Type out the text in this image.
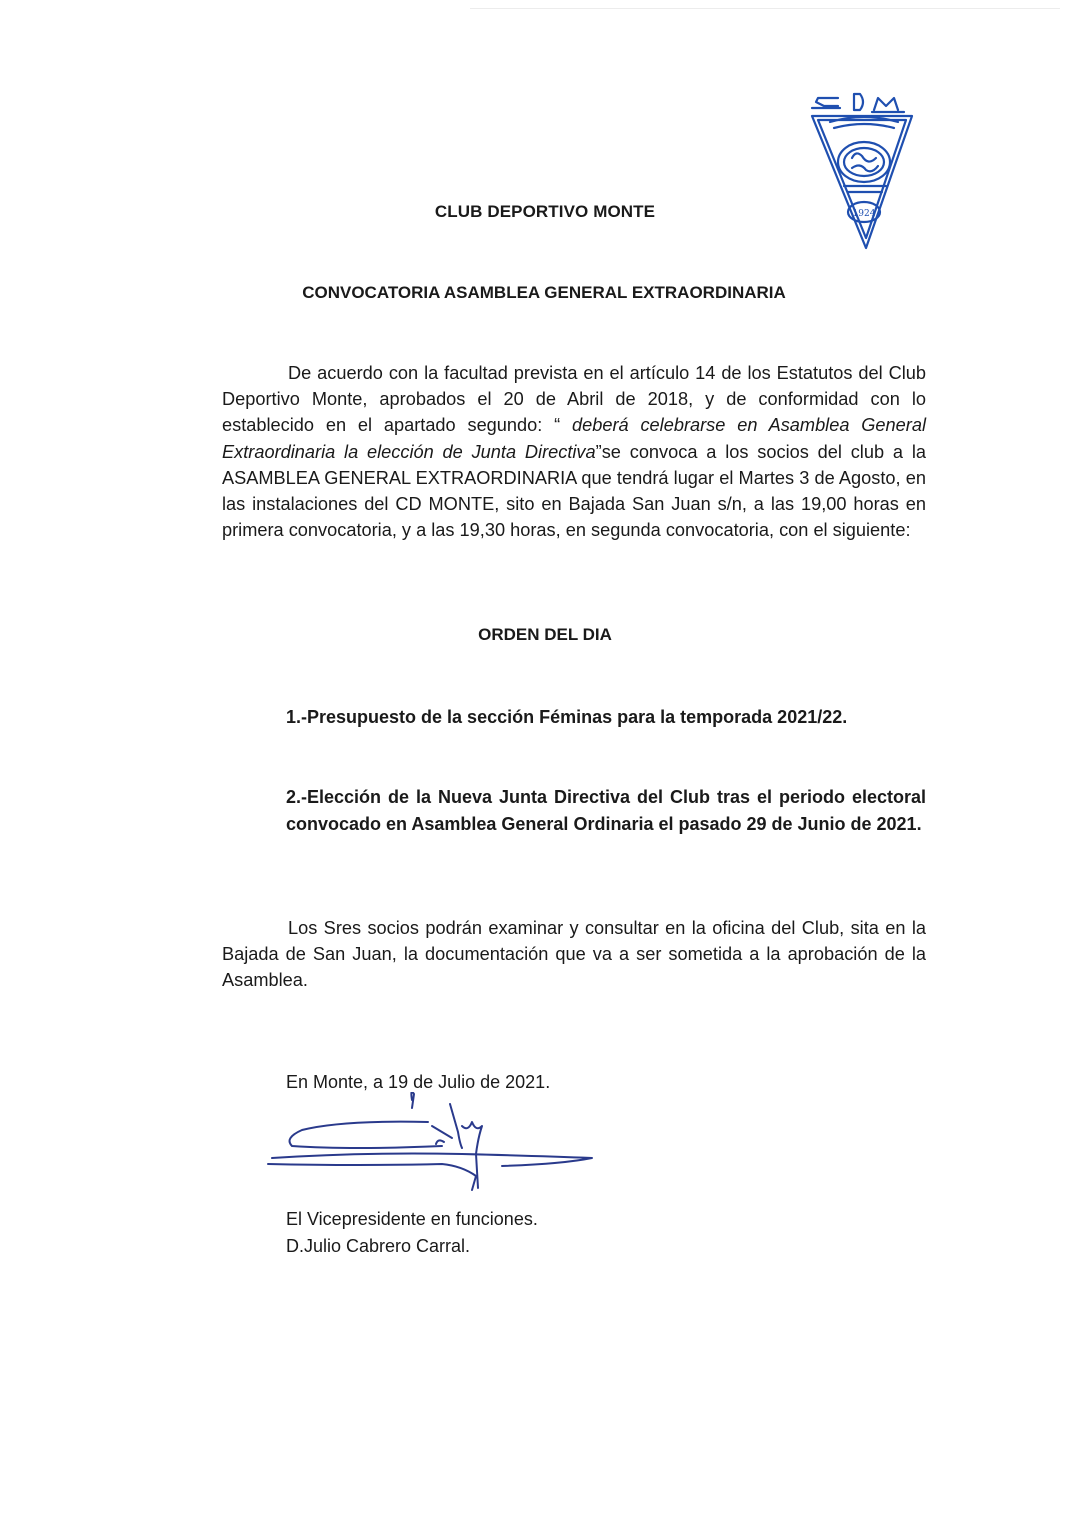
1924
CLUB DEPORTIVO MONTE
CONVOCATORIA ASAMBLEA GENERAL EXTRAORDINARIA
De acuerdo con la facultad prevista en el artículo 14 de los Estatutos del Club Deportivo Monte, aprobados el 20 de Abril de 2018, y de conformidad con lo establecido en el apartado segundo: “ deberá celebrarse en Asamblea General Extraordinaria la elección de Junta Directiva”se convoca a los socios del club a la ASAMBLEA GENERAL EXTRAORDINARIA que tendrá lugar el Martes 3 de Agosto, en las instalaciones del CD MONTE, sito en Bajada San Juan s/n, a las 19,00 horas en primera convocatoria, y a las 19,30 horas, en segunda convocatoria, con el siguiente:
ORDEN DEL DIA
1.-Presupuesto de la sección Féminas para la temporada 2021/22.
2.-Elección de la Nueva Junta Directiva del Club tras el periodo electoral convocado en Asamblea General Ordinaria el pasado 29 de Junio de 2021.
Los Sres socios podrán examinar y consultar en la oficina del Club, sita en la Bajada de San Juan, la documentación que va a ser sometida a la aprobación de la Asamblea.
En Monte, a 19 de Julio de 2021.
El Vicepresidente en funciones.
D.Julio Cabrero Carral.
